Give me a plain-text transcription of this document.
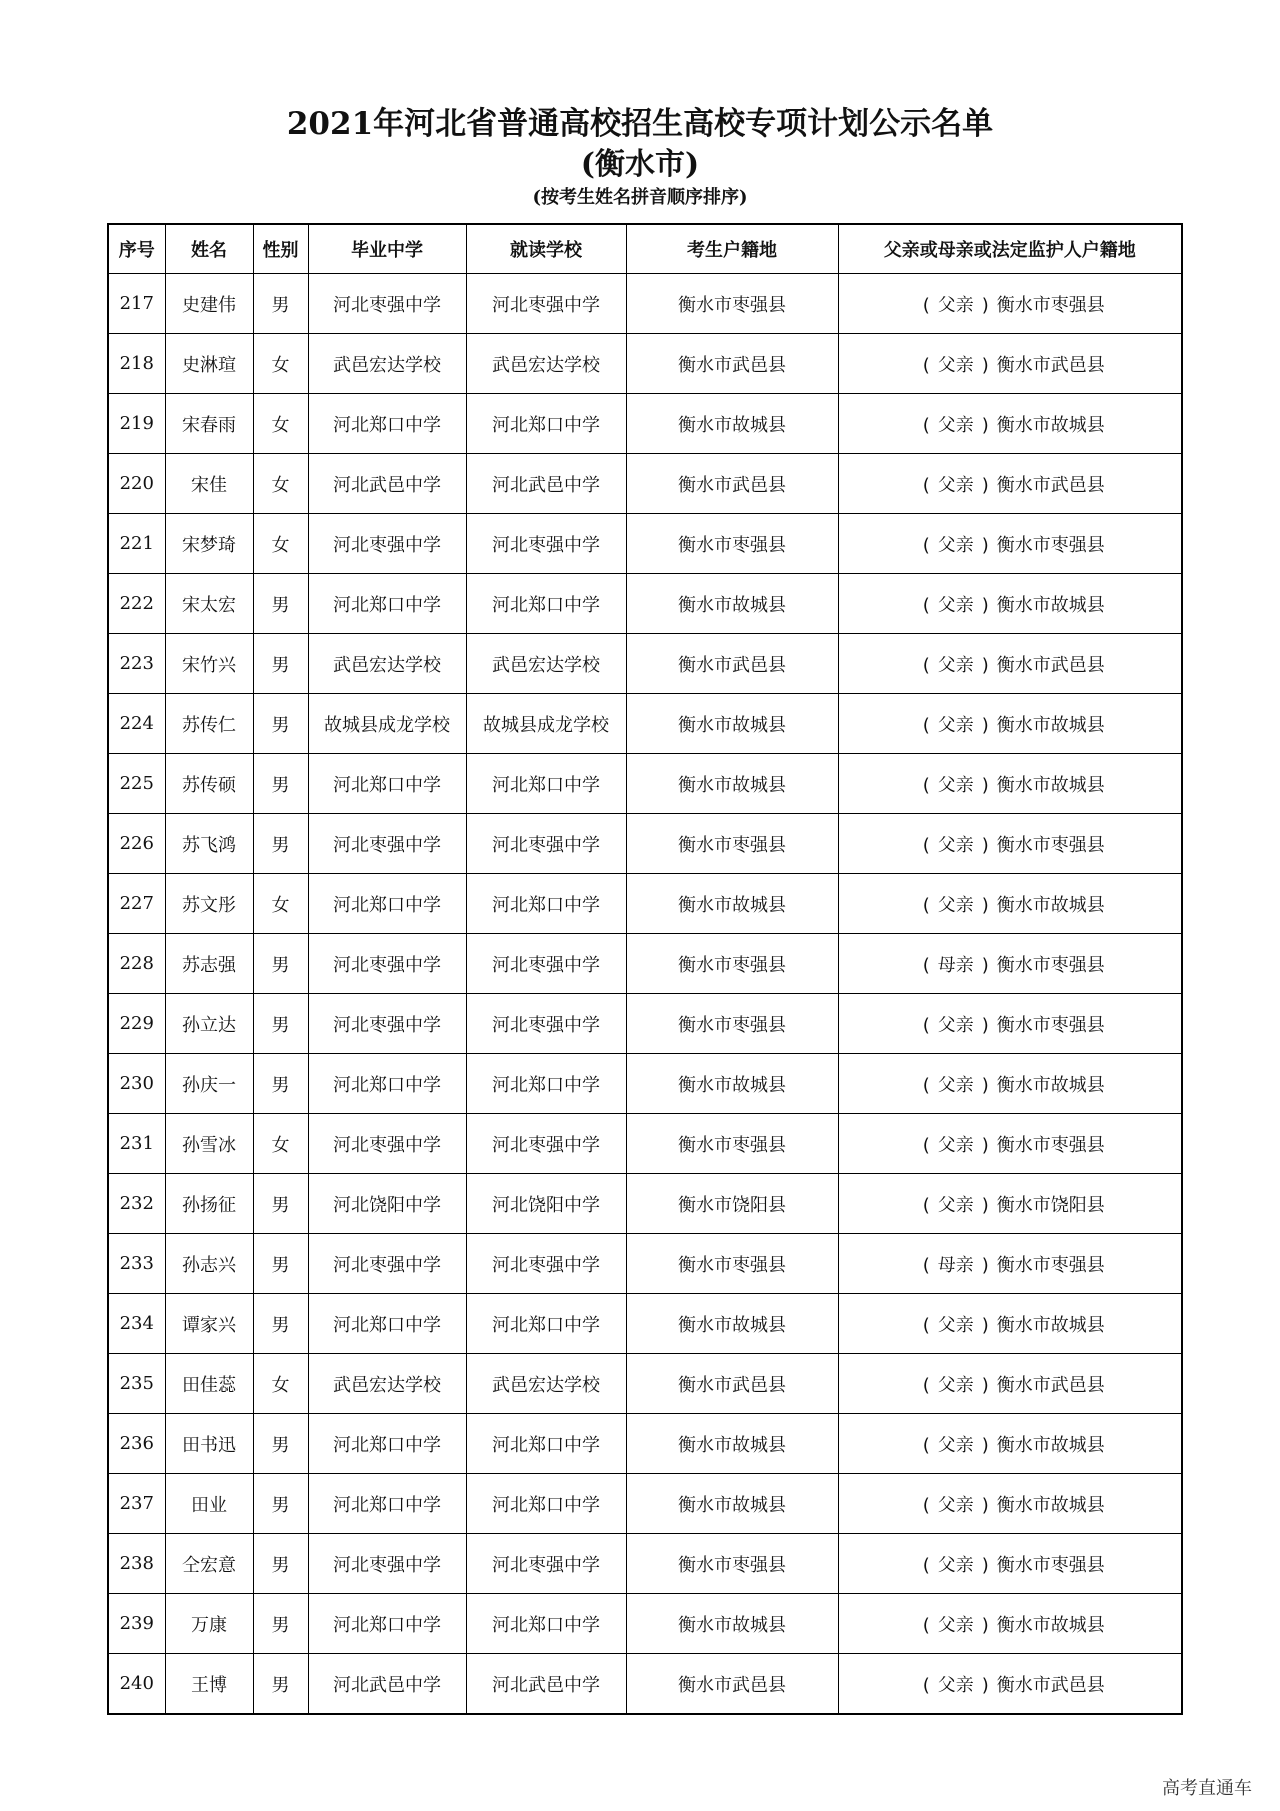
2021年河北省普通高校招生高校专项计划公示名单
(衡水市)
(按考生姓名拼音顺序排序)
序号	姓名	性别	毕业中学	就读学校	考生户籍地	父亲或母亲或法定监护人户籍地
217	史建伟	男	河北枣强中学	河北枣强中学	衡水市枣强县	( 父亲 ) 衡水市枣强县
218	史淋瑄	女	武邑宏达学校	武邑宏达学校	衡水市武邑县	( 父亲 ) 衡水市武邑县
219	宋春雨	女	河北郑口中学	河北郑口中学	衡水市故城县	( 父亲 ) 衡水市故城县
220	宋佳	女	河北武邑中学	河北武邑中学	衡水市武邑县	( 父亲 ) 衡水市武邑县
221	宋梦琦	女	河北枣强中学	河北枣强中学	衡水市枣强县	( 父亲 ) 衡水市枣强县
222	宋太宏	男	河北郑口中学	河北郑口中学	衡水市故城县	( 父亲 ) 衡水市故城县
223	宋竹兴	男	武邑宏达学校	武邑宏达学校	衡水市武邑县	( 父亲 ) 衡水市武邑县
224	苏传仁	男	故城县成龙学校	故城县成龙学校	衡水市故城县	( 父亲 ) 衡水市故城县
225	苏传硕	男	河北郑口中学	河北郑口中学	衡水市故城县	( 父亲 ) 衡水市故城县
226	苏飞鸿	男	河北枣强中学	河北枣强中学	衡水市枣强县	( 父亲 ) 衡水市枣强县
227	苏文彤	女	河北郑口中学	河北郑口中学	衡水市故城县	( 父亲 ) 衡水市故城县
228	苏志强	男	河北枣强中学	河北枣强中学	衡水市枣强县	( 母亲 ) 衡水市枣强县
229	孙立达	男	河北枣强中学	河北枣强中学	衡水市枣强县	( 父亲 ) 衡水市枣强县
230	孙庆一	男	河北郑口中学	河北郑口中学	衡水市故城县	( 父亲 ) 衡水市故城县
231	孙雪冰	女	河北枣强中学	河北枣强中学	衡水市枣强县	( 父亲 ) 衡水市枣强县
232	孙扬征	男	河北饶阳中学	河北饶阳中学	衡水市饶阳县	( 父亲 ) 衡水市饶阳县
233	孙志兴	男	河北枣强中学	河北枣强中学	衡水市枣强县	( 母亲 ) 衡水市枣强县
234	谭家兴	男	河北郑口中学	河北郑口中学	衡水市故城县	( 父亲 ) 衡水市故城县
235	田佳蕊	女	武邑宏达学校	武邑宏达学校	衡水市武邑县	( 父亲 ) 衡水市武邑县
236	田书迅	男	河北郑口中学	河北郑口中学	衡水市故城县	( 父亲 ) 衡水市故城县
237	田业	男	河北郑口中学	河北郑口中学	衡水市故城县	( 父亲 ) 衡水市故城县
238	仝宏意	男	河北枣强中学	河北枣强中学	衡水市枣强县	( 父亲 ) 衡水市枣强县
239	万康	男	河北郑口中学	河北郑口中学	衡水市故城县	( 父亲 ) 衡水市故城县
240	王博	男	河北武邑中学	河北武邑中学	衡水市武邑县	( 父亲 ) 衡水市武邑县
高考直通车
